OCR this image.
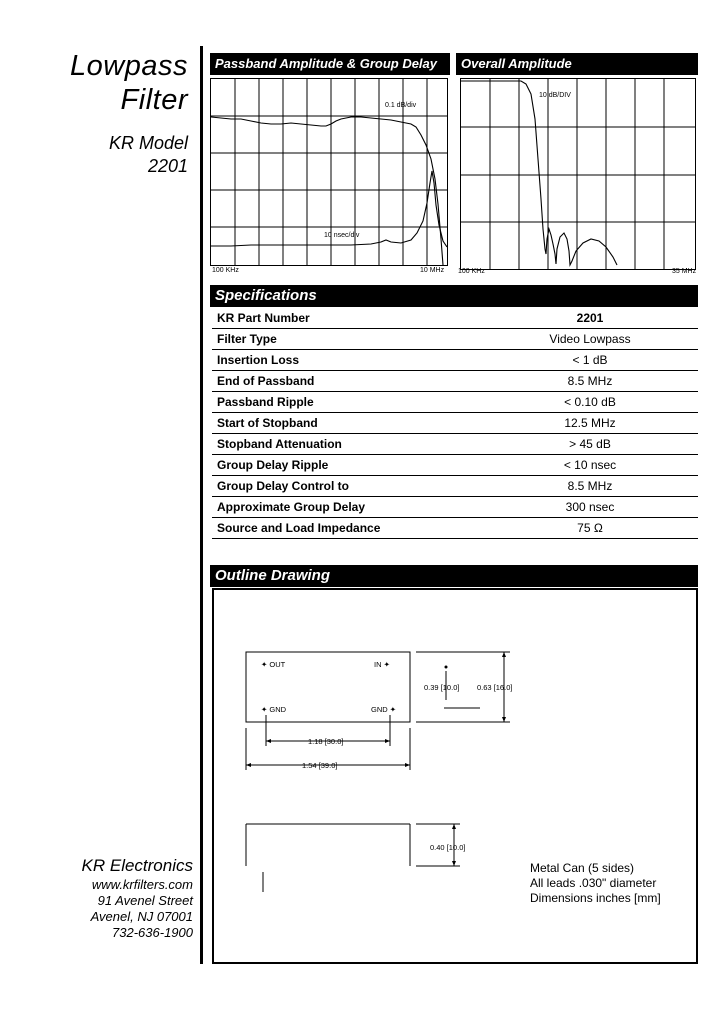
Lowpass
Filter
KR Model
2201
Passband Amplitude & Group Delay	Overall Amplitude
0.1 dB/div
10 nsec/div
100 KHz	10 MHz
10 dB/DIV
100 KHz	35 MHz
Specifications
KR Part Number	2201
Filter Type	Video Lowpass
Insertion Loss	< 1 dB
End of Passband	8.5 MHz
Passband Ripple	< 0.10 dB
Start of Stopband	12.5 MHz
Stopband Attenuation	> 45 dB
Group Delay Ripple	< 10 nsec
Group Delay Control to	8.5 MHz
Approximate Group Delay	300 nsec
Source and Load Impedance	75 Ω
Outline Drawing
✦ OUT	IN ✦
✦ GND	GND ✦
1.18 [30.0]
1.54 [39.0]
0.39 [10.0] 0.63 [16.0]
0.40 [10.0]
Metal Can (5 sides)
All leads .030" diameter
Dimensions inches [mm]
KR Electronics
www.krfilters.com
91 Avenel Street
Avenel, NJ 07001
732-636-1900
